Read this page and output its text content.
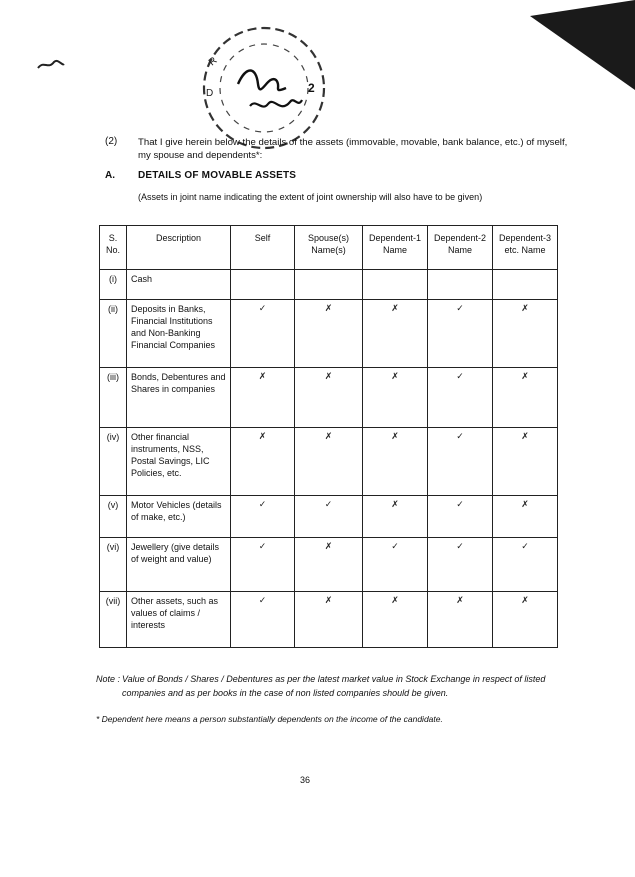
R
D	2
(2) That I give herein below the details of the assets (immovable, movable, bank balance, etc.) of myself, my spouse and dependents*:
A. DETAILS OF MOVABLE ASSETS
(Assets in joint name indicating the extent of joint ownership will also have to be given)
S. No.	Description	Self	Spouse(s) Name(s)	Dependent-1 Name	Dependent-2 Name	Dependent-3 etc. Name
(i)	Cash					
(ii)	Deposits in Banks, Financial Institutions and Non-Banking Financial Companies	✓	✗	✗	✓	✗
(iii)	Bonds, Debentures and Shares in companies	✗	✗	✗	✓	✗
(iv)	Other financial instruments, NSS, Postal Savings, LIC Policies, etc.	✗	✗	✗	✓	✗
(v)	Motor Vehicles (details of make, etc.)	✓	✓	✗	✓	✗
(vi)	Jewellery (give details of weight and value)	✓	✗	✓	✓	✓
(vii)	Other assets, such as values of claims / interests	✓	✗	✗	✗	✗
Note : Value of Bonds / Shares / Debentures as per the latest market value in Stock Exchange in respect of listed companies and as per books in the case of non listed companies should be given.
* Dependent here means a person substantially dependents on the income of the candidate.
36
